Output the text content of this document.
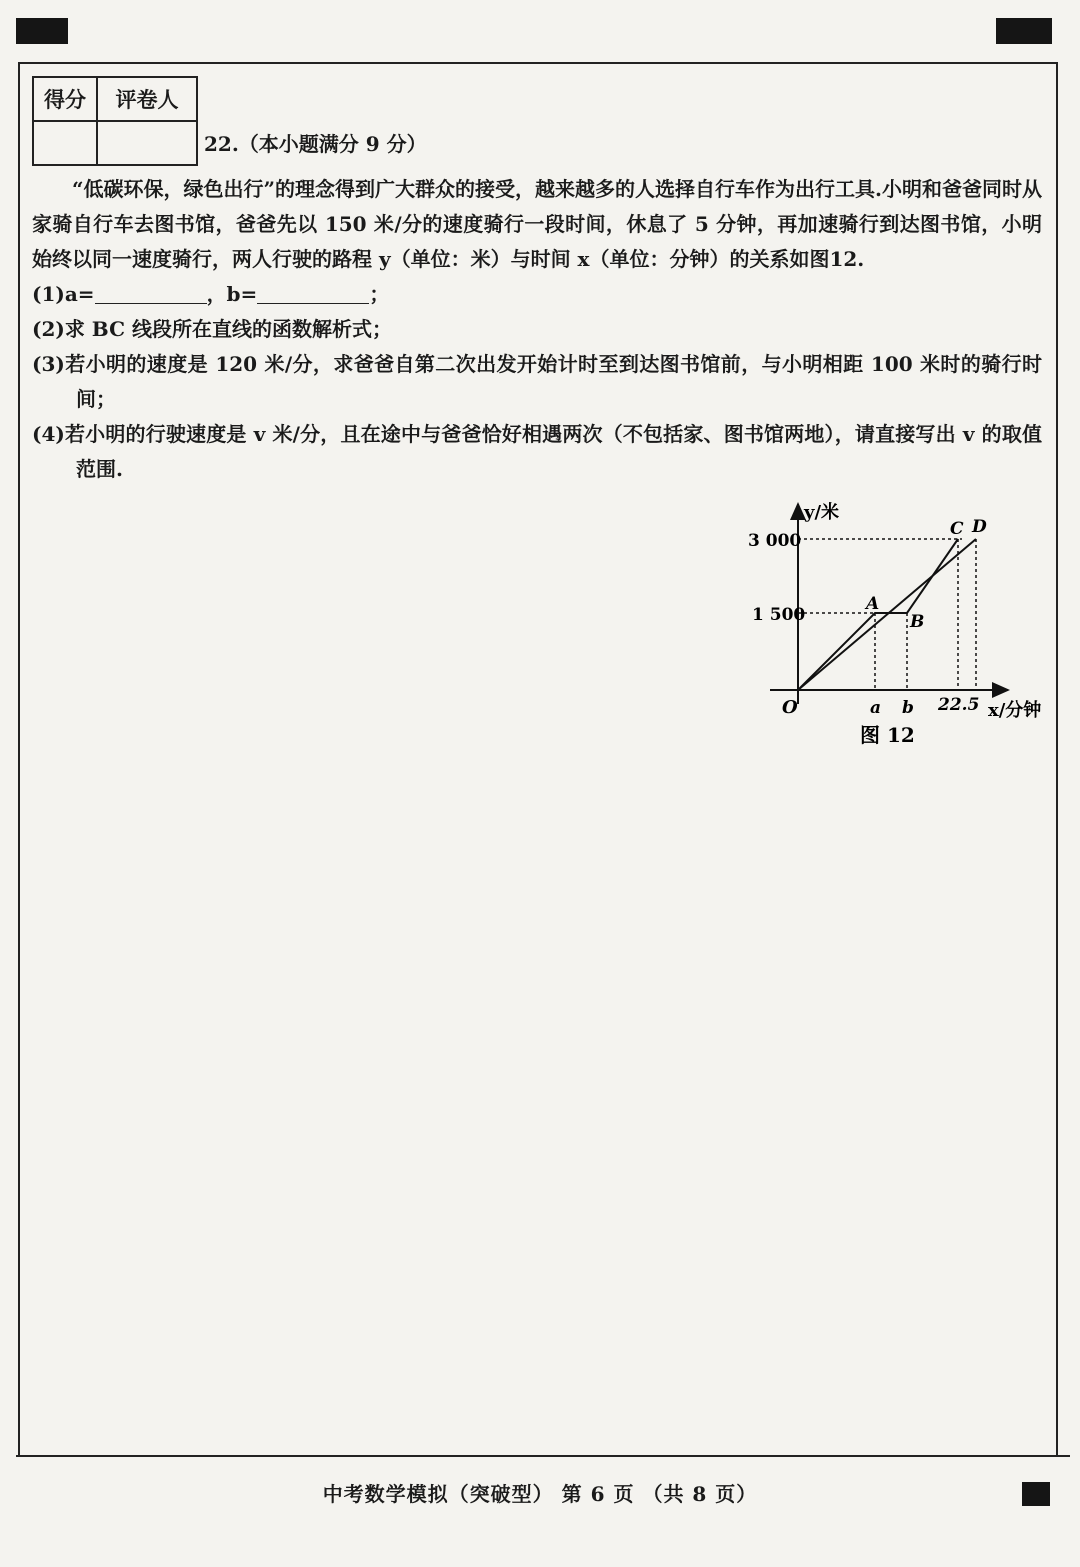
得分	评卷人

22.（本小题满分 9 分）

“低碳环保，绿色出行”的理念得到广大群众的接受，越来越多的人选择自行车作为出行工具.小明和爸爸同时从家骑自行车去图书馆，爸爸先以 150 米/分的速度骑行一段时间，休息了 5 分钟，再加速骑行到达图书馆，小明始终以同一速度骑行，两人行驶的路程 y（单位：米）与时间 x（单位：分钟）的关系如图12.

(1)a=	，b=	；

(2)求 BC 线段所在直线的函数解析式；

(3)若小明的速度是 120 米/分，求爸爸自第二次出发开始计时至到达图书馆前，与小明相距 100 米时的骑行时间；

(4)若小明的行驶速度是 v 米/分，且在途中与爸爸恰好相遇两次（不包括家、图书馆两地），请直接写出 v 的取值范围.

y/米
3 000
1 500
O	a b 22.5 x/分钟
A
B
C D
图 12
中考数学模拟（突破型） 第 6 页 （共 8 页）
